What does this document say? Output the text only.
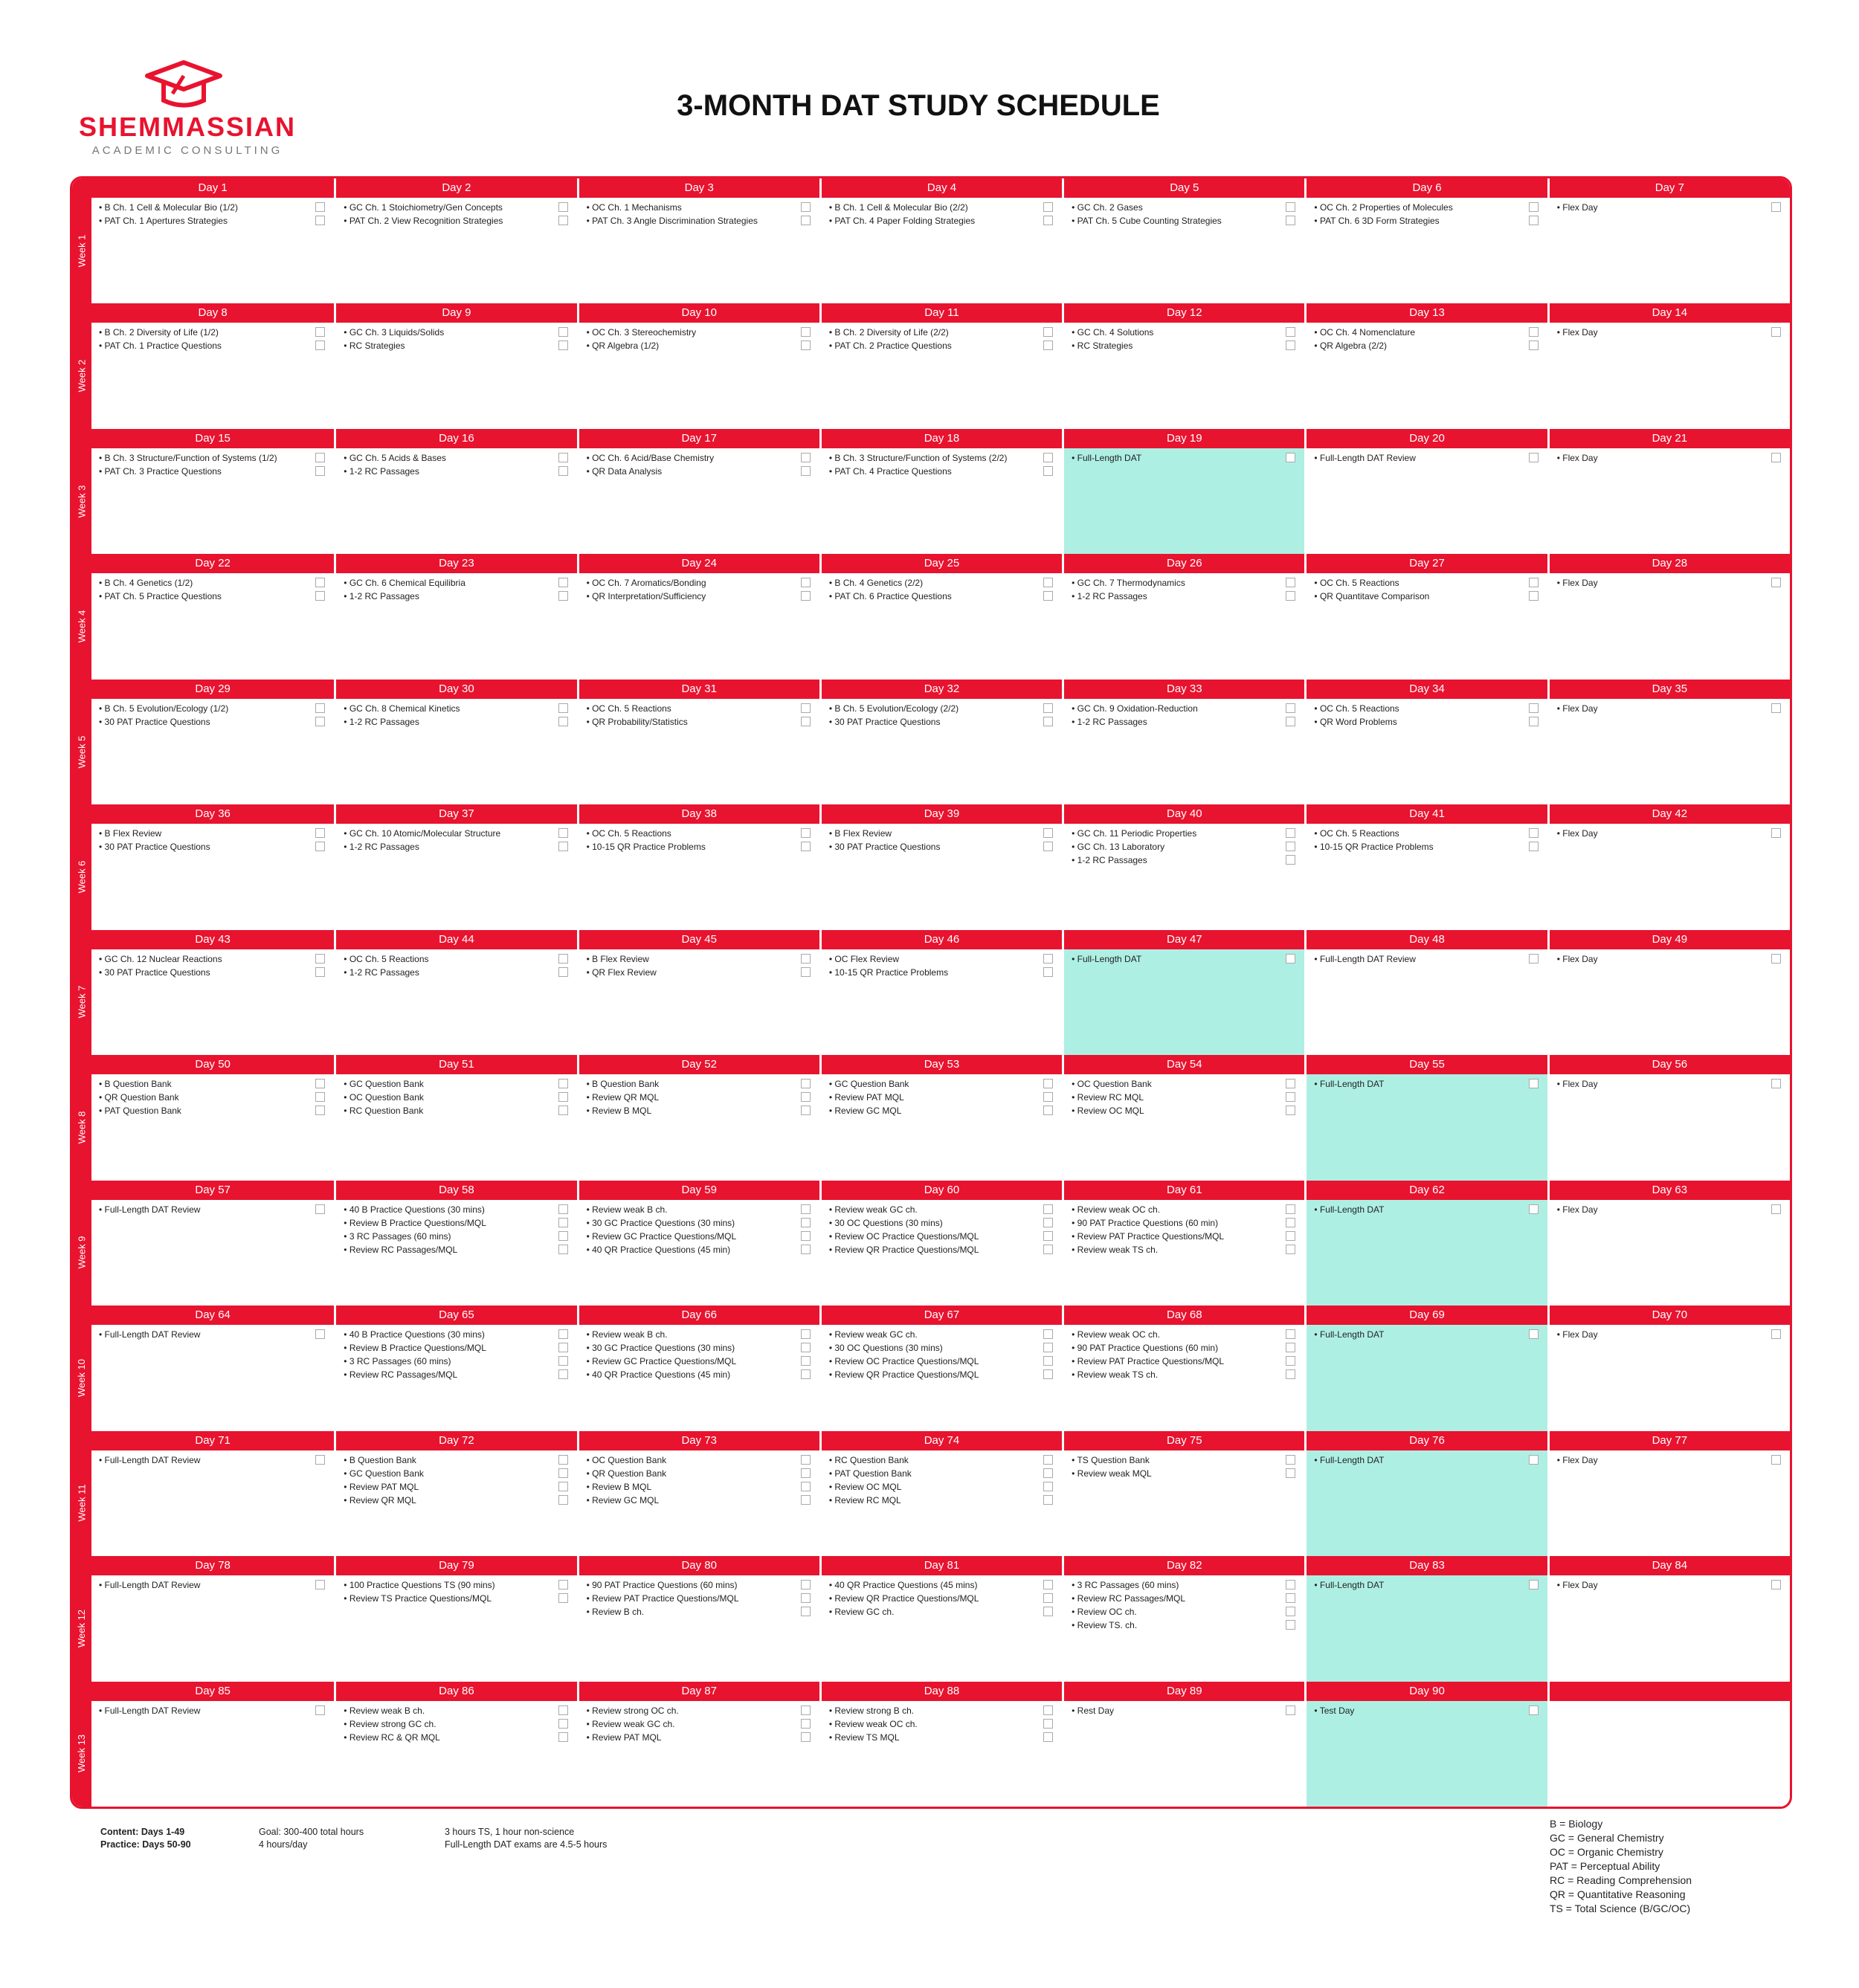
SHEMMASSIAN
ACADEMIC CONSULTING
3-MONTH DAT STUDY SCHEDULE
Week 1
Week 2
Week 3
Week 4
Week 5
Week 6
Week 7
Week 8
Week 9
Week 10
Week 11
Week 12
Week 13
Day 1
• B Ch. 1 Cell & Molecular Bio (1/2)
• PAT Ch. 1 Apertures Strategies
Day 2
• GC Ch. 1 Stoichiometry/Gen Concepts
• PAT Ch. 2 View Recognition Strategies
Day 3
• OC Ch. 1 Mechanisms
• PAT Ch. 3 Angle Discrimination Strategies
Day 4
• B Ch. 1 Cell & Molecular Bio (2/2)
• PAT Ch. 4 Paper Folding Strategies
Day 5
• GC Ch. 2 Gases
• PAT Ch. 5 Cube Counting Strategies
Day 6
• OC Ch. 2 Properties of Molecules
• PAT Ch. 6 3D Form Strategies
Day 7
• Flex Day
Day 8
• B Ch. 2 Diversity of Life (1/2)
• PAT Ch. 1 Practice Questions
Day 9
• GC Ch. 3 Liquids/Solids
• RC Strategies
Day 10
• OC Ch. 3 Stereochemistry
• QR Algebra (1/2)
Day 11
• B Ch. 2 Diversity of Life (2/2)
• PAT Ch. 2 Practice Questions
Day 12
• GC Ch. 4 Solutions
• RC Strategies
Day 13
• OC Ch. 4 Nomenclature
• QR Algebra (2/2)
Day 14
• Flex Day
Day 15
• B Ch. 3 Structure/Function of Systems (1/2)
• PAT Ch. 3 Practice Questions
Day 16
• GC Ch. 5 Acids & Bases
• 1-2 RC Passages
Day 17
• OC Ch. 6 Acid/Base Chemistry
• QR Data Analysis
Day 18
• B Ch. 3 Structure/Function of Systems (2/2)
• PAT Ch. 4 Practice Questions
Day 19
• Full-Length DAT
Day 20
• Full-Length DAT Review
Day 21
• Flex Day
Day 22
• B Ch. 4 Genetics (1/2)
• PAT Ch. 5 Practice Questions
Day 23
• GC Ch. 6 Chemical Equilibria
• 1-2 RC Passages
Day 24
• OC Ch. 7 Aromatics/Bonding
• QR Interpretation/Sufficiency
Day 25
• B Ch. 4 Genetics (2/2)
• PAT Ch. 6 Practice Questions
Day 26
• GC Ch. 7 Thermodynamics
• 1-2 RC Passages
Day 27
• OC Ch. 5 Reactions
• QR Quantitave Comparison
Day 28
• Flex Day
Day 29
• B Ch. 5 Evolution/Ecology (1/2)
• 30 PAT Practice Questions
Day 30
• GC Ch. 8 Chemical Kinetics
• 1-2 RC Passages
Day 31
• OC Ch. 5 Reactions
• QR Probability/Statistics
Day 32
• B Ch. 5 Evolution/Ecology (2/2)
• 30 PAT Practice Questions
Day 33
• GC Ch. 9 Oxidation-Reduction
• 1-2 RC Passages
Day 34
• OC Ch. 5 Reactions
• QR Word Problems
Day 35
• Flex Day
Day 36
• B Flex Review
• 30 PAT Practice Questions
Day 37
• GC Ch. 10 Atomic/Molecular Structure
• 1-2 RC Passages
Day 38
• OC Ch. 5 Reactions
• 10-15 QR Practice Problems
Day 39
• B Flex Review
• 30 PAT Practice Questions
Day 40
• GC Ch. 11 Periodic Properties
• GC Ch. 13 Laboratory
• 1-2 RC Passages
Day 41
• OC Ch. 5 Reactions
• 10-15 QR Practice Problems
Day 42
• Flex Day
Day 43
• GC Ch. 12 Nuclear Reactions
• 30 PAT Practice Questions
Day 44
• OC Ch. 5 Reactions
• 1-2 RC Passages
Day 45
• B Flex Review
• QR Flex Review
Day 46
• OC Flex Review
• 10-15 QR Practice Problems
Day 47
• Full-Length DAT
Day 48
• Full-Length DAT Review
Day 49
• Flex Day
Day 50
• B Question Bank
• QR Question Bank
• PAT Question Bank
Day 51
• GC Question Bank
• OC Question Bank
• RC Question Bank
Day 52
• B Question Bank
• Review QR MQL
• Review B MQL
Day 53
• GC Question Bank
• Review PAT MQL
• Review GC MQL
Day 54
• OC Question Bank
• Review RC MQL
• Review OC MQL
Day 55
• Full-Length DAT
Day 56
• Flex Day
Day 57
• Full-Length DAT Review
Day 58
• 40 B Practice Questions (30 mins)
• Review B Practice Questions/MQL
• 3 RC Passages (60 mins)
• Review RC Passages/MQL
Day 59
• Review weak B ch.
• 30 GC Practice Questions (30 mins)
• Review GC Practice Questions/MQL
• 40 QR Practice Questions (45 min)
Day 60
• Review weak GC ch.
• 30 OC Questions (30 mins)
• Review OC Practice Questions/MQL
• Review QR Practice Questions/MQL
Day 61
• Review weak OC ch.
• 90 PAT Practice Questions (60 min)
• Review PAT Practice Questions/MQL
• Review weak TS ch.
Day 62
• Full-Length DAT
Day 63
• Flex Day
Day 64
• Full-Length DAT Review
Day 65
• 40 B Practice Questions (30 mins)
• Review B Practice Questions/MQL
• 3 RC Passages (60 mins)
• Review RC Passages/MQL
Day 66
• Review weak B ch.
• 30 GC Practice Questions (30 mins)
• Review GC Practice Questions/MQL
• 40 QR Practice Questions (45 min)
Day 67
• Review weak GC ch.
• 30 OC Questions (30 mins)
• Review OC Practice Questions/MQL
• Review QR Practice Questions/MQL
Day 68
• Review weak OC ch.
• 90 PAT Practice Questions (60 min)
• Review PAT Practice Questions/MQL
• Review weak TS ch.
Day 69
• Full-Length DAT
Day 70
• Flex Day
Day 71
• Full-Length DAT Review
Day 72
• B Question Bank
• GC Question Bank
• Review PAT MQL
• Review QR MQL
Day 73
• OC Question Bank
• QR Question Bank
• Review B MQL
• Review GC MQL
Day 74
• RC Question Bank
• PAT Question Bank
• Review OC MQL
• Review RC MQL
Day 75
• TS Question Bank
• Review weak MQL
Day 76
• Full-Length DAT
Day 77
• Flex Day
Day 78
• Full-Length DAT Review
Day 79
• 100 Practice Questions TS (90 mins)
• Review TS Practice Questions/MQL
Day 80
• 90 PAT Practice Questions (60 mins)
• Review PAT Practice Questions/MQL
• Review B ch.
Day 81
• 40 QR Practice Questions (45 mins)
• Review QR Practice Questions/MQL
• Review GC ch.
Day 82
• 3 RC Passages (60 mins)
• Review RC Passages/MQL
• Review OC ch.
• Review TS. ch.
Day 83
• Full-Length DAT
Day 84
• Flex Day
Day 85
• Full-Length DAT Review
Day 86
• Review weak B ch.
• Review strong GC ch.
• Review RC & QR MQL
Day 87
• Review strong OC ch.
• Review weak GC ch.
• Review PAT MQL
Day 88
• Review strong B ch.
• Review weak OC ch.
• Review TS MQL
Day 89
• Rest Day
Day 90
• Test Day
Content: Days 1-49
Practice: Days 50-90
Goal: 300-400 total hours
4 hours/day
3 hours TS, 1 hour non-science
Full-Length DAT exams are 4.5-5 hours
B = Biology
GC = General Chemistry
OC = Organic Chemistry
PAT = Perceptual Ability
RC = Reading Comprehension
QR = Quantitative Reasoning
TS = Total Science (B/GC/OC)
